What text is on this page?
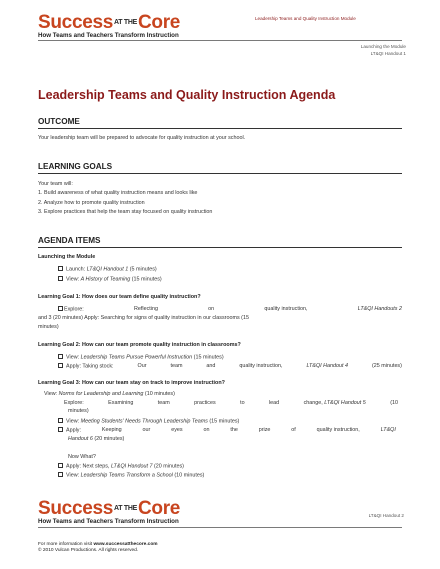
Success$^{AT THE}$Core
How Teams and Teachers Transform Instruction
Leadership Teams and Quality Instruction Module
Launching the Module
LT&QI Handout 1
Leadership Teams and Quality Instruction Agenda
OUTCOME
Your leadership team will be prepared to advocate for quality instruction at your school.
LEARNING GOALS
Your team will:
1. Build awareness of what quality instruction means and looks like
2. Analyze how to promote quality instruction
3. Explore practices that help the team stay focused on quality instruction
AGENDA ITEMS
Launching the Module
Launch: LT&QI Handout 1 (5 minutes)
View: A History of Teaming (15 minutes)
Learning Goal 1: How does our team define quality instruction?
Explore:	Reflecting	on	quality instruction,	LT&QI Handouts 2
and 3 (20 minutes) Apply: Searching for signs of quality instruction in our classrooms (15
minutes)
Learning Goal 2: How can our team promote quality instruction in classrooms?
View: Leadership Teams Pursue Powerful Instruction (15 minutes)
Apply: Taking stock:	Our	team	and	quality instruction,	LT&QI Handout 4	(25 minutes)
Learning Goal 3: How can our team stay on track to improve instruction?
View: Norms for Leadership and Learning (10 minutes)
Explore:	Examining	team	practices	to	lead	change, LT&QI Handout 5	(10
minutes)
View: Meeting Students' Needs Through Leadership Teams (15 minutes)
Apply:	Keeping	our	eyes	on	the	prize	of	quality instruction,	LT&QI
Handout 6 (20 minutes)
Now What?
Apply: Next steps, LT&QI Handout 7 (20 minutes)
View: Leadership Teams Transform a School (10 minutes)
Success$^{AT THE}$Core
How Teams and Teachers Transform Instruction
LT&QI Handout 2
For more information visit www.successatthecore.com
© 2010 Vulcan Productions. All rights reserved.
